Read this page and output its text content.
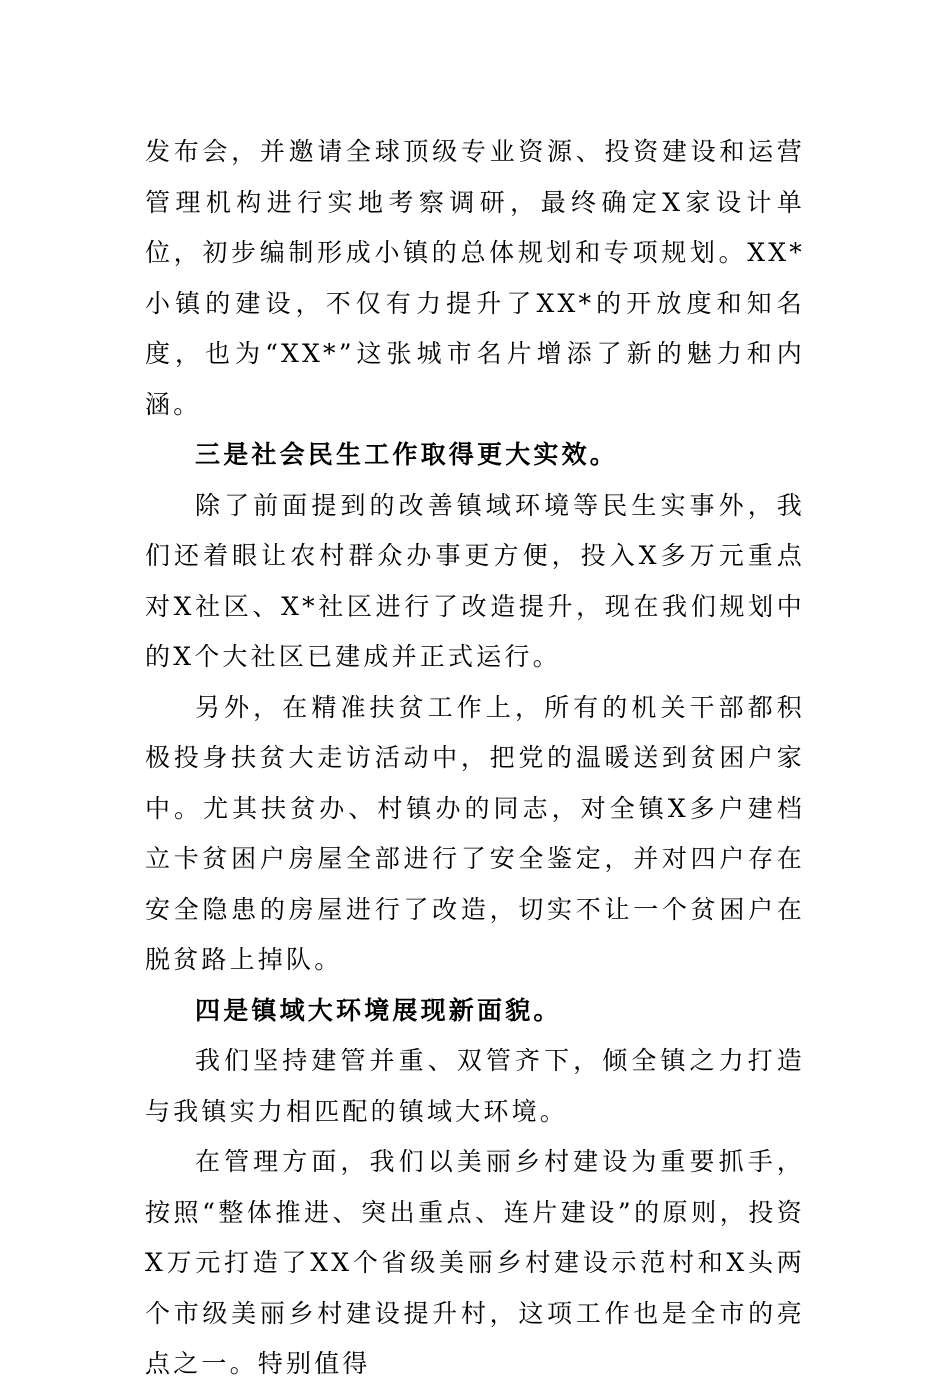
发布会，并邀请全球顶级专业资源、投资建设和运营管理机构进行实地考察调研，最终确定X家设计单位，初步编制形成小镇的总体规划和专项规划。XX*小镇的建设，不仅有力提升了XX*的开放度和知名度，也为“XX*”这张城市名片增添了新的魅力和内涵。

三是社会民生工作取得更大实效。

除了前面提到的改善镇域环境等民生实事外，我们还着眼让农村群众办事更方便，投入X多万元重点对X社区、X*社区进行了改造提升，现在我们规划中的X个大社区已建成并正式运行。

另外，在精准扶贫工作上，所有的机关干部都积极投身扶贫大走访活动中，把党的温暖送到贫困户家中。尤其扶贫办、村镇办的同志，对全镇X多户建档立卡贫困户房屋全部进行了安全鉴定，并对四户存在安全隐患的房屋进行了改造，切实不让一个贫困户在脱贫路上掉队。

四是镇域大环境展现新面貌。

我们坚持建管并重、双管齐下，倾全镇之力打造与我镇实力相匹配的镇域大环境。

在管理方面，我们以美丽乡村建设为重要抓手，按照“整体推进、突出重点、连片建设”的原则，投资X万元打造了XX个省级美丽乡村建设示范村和X头两个市级美丽乡村建设提升村，这项工作也是全市的亮点之一。特别值得
